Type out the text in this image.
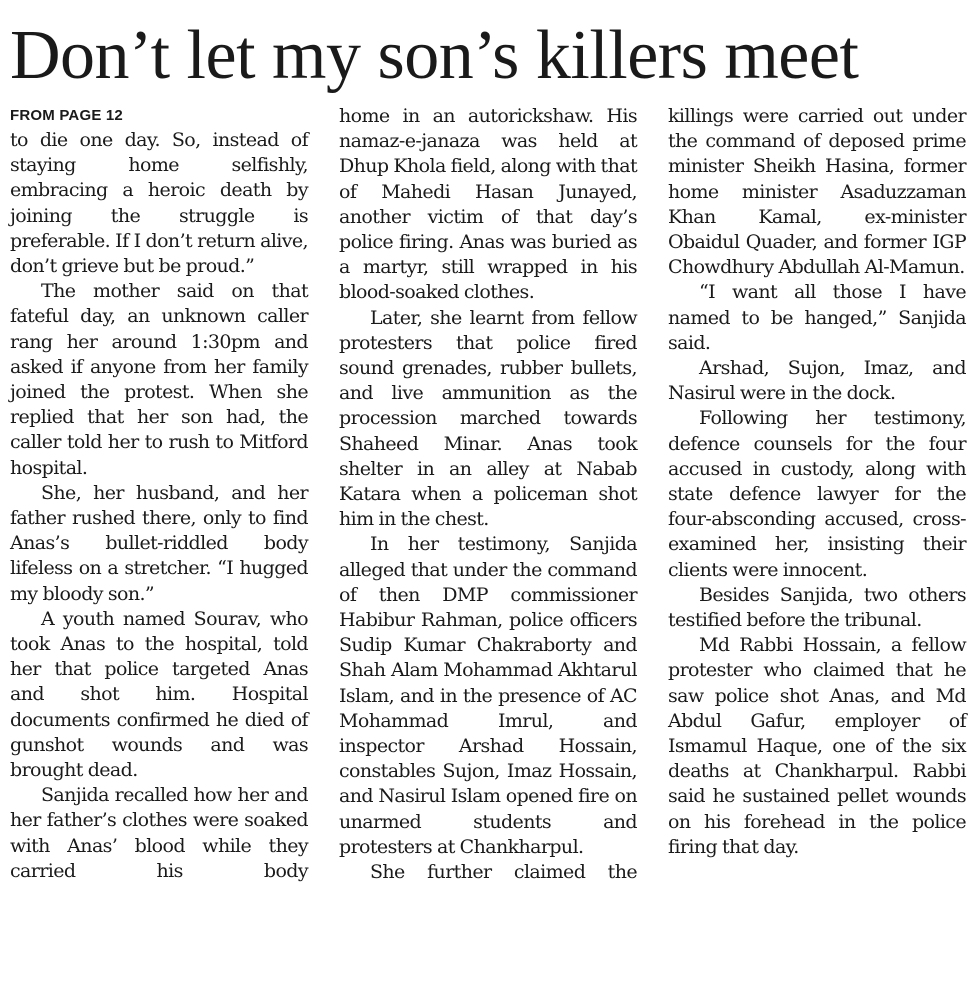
Don’t let my son’s killers meet
FROM PAGE 12

to die one day. So, instead of staying home selfishly, embracing a heroic death by joining the struggle is preferable. If I don’t return alive, don’t grieve but be proud.”

The mother said on that fateful day, an unknown caller rang her around 1:30pm and asked if anyone from her family joined the protest. When she replied that her son had, the caller told her to rush to Mitford hospital.

She, her husband, and her father rushed there, only to find Anas’s bullet-riddled body lifeless on a stretcher. “I hugged my bloody son.”

A youth named Sourav, who took Anas to the hospital, told her that police targeted Anas and shot him. Hospital documents confirmed he died of gunshot wounds and was brought dead.

Sanjida recalled how her and her father’s clothes were soaked with Anas’ blood while they carried his body

home in an autorickshaw. His namaz-e-janaza was held at Dhup Khola field, along with that of Mahedi Hasan Junayed, another victim of that day’s police firing. Anas was buried as a martyr, still wrapped in his blood-soaked clothes.

Later, she learnt from fellow protesters that police fired sound grenades, rubber bullets, and live ammunition as the procession marched towards Shaheed Minar. Anas took shelter in an alley at Nabab Katara when a policeman shot him in the chest.

In her testimony, Sanjida alleged that under the command of then DMP commissioner Habibur Rahman, police officers Sudip Kumar Chakraborty and Shah Alam Mohammad Akhtarul Islam, and in the presence of AC Mohammad Imrul, and inspector Arshad Hossain, constables Sujon, Imaz Hossain, and Nasirul Islam opened fire on unarmed students and protesters at Chankharpul.

She further claimed the

killings were carried out under the command of deposed prime minister Sheikh Hasina, former home minister Asaduzzaman Khan Kamal, ex-minister Obaidul Quader, and former IGP Chowdhury Abdullah Al-Mamun.

“I want all those I have named to be hanged,” Sanjida said.

Arshad, Sujon, Imaz, and Nasirul were in the dock.

Following her testimony, defence counsels for the four accused in custody, along with state defence lawyer for the four-absconding accused, cross-examined her, insisting their clients were innocent.

Besides Sanjida, two others testified before the tribunal.

Md Rabbi Hossain, a fellow protester who claimed that he saw police shot Anas, and Md Abdul Gafur, employer of Ismamul Haque, one of the six deaths at Chankharpul. Rabbi said he sustained pellet wounds on his forehead in the police firing that day.
